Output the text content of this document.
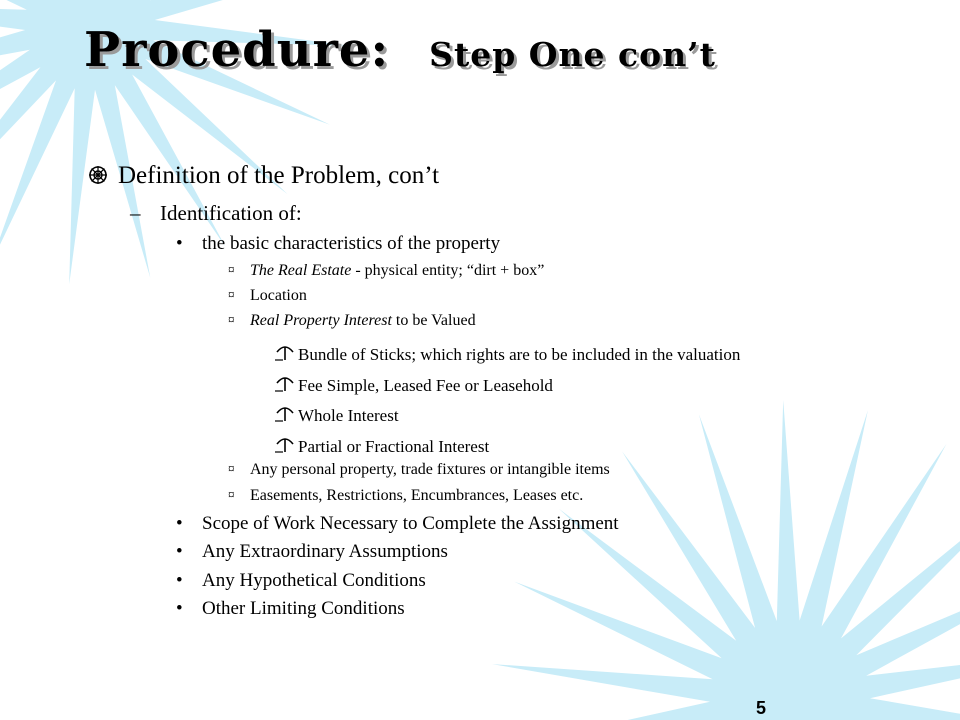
Procedure: Step One con’t
Definition of the Problem, con’t
– Identification of:
• the basic characteristics of the property
¤ The Real Estate - physical entity; “dirt + box”
¤ Location
¤ Real Property Interest to be Valued
Bundle of Sticks; which rights are to be included in the valuation
Fee Simple, Leased Fee or Leasehold
Whole Interest
Partial or Fractional Interest
¤ Any personal property, trade fixtures or intangible items
¤ Easements, Restrictions, Encumbrances, Leases etc.
• Scope of Work Necessary to Complete the Assignment
• Any Extraordinary Assumptions
• Any Hypothetical Conditions
• Other Limiting Conditions
5
